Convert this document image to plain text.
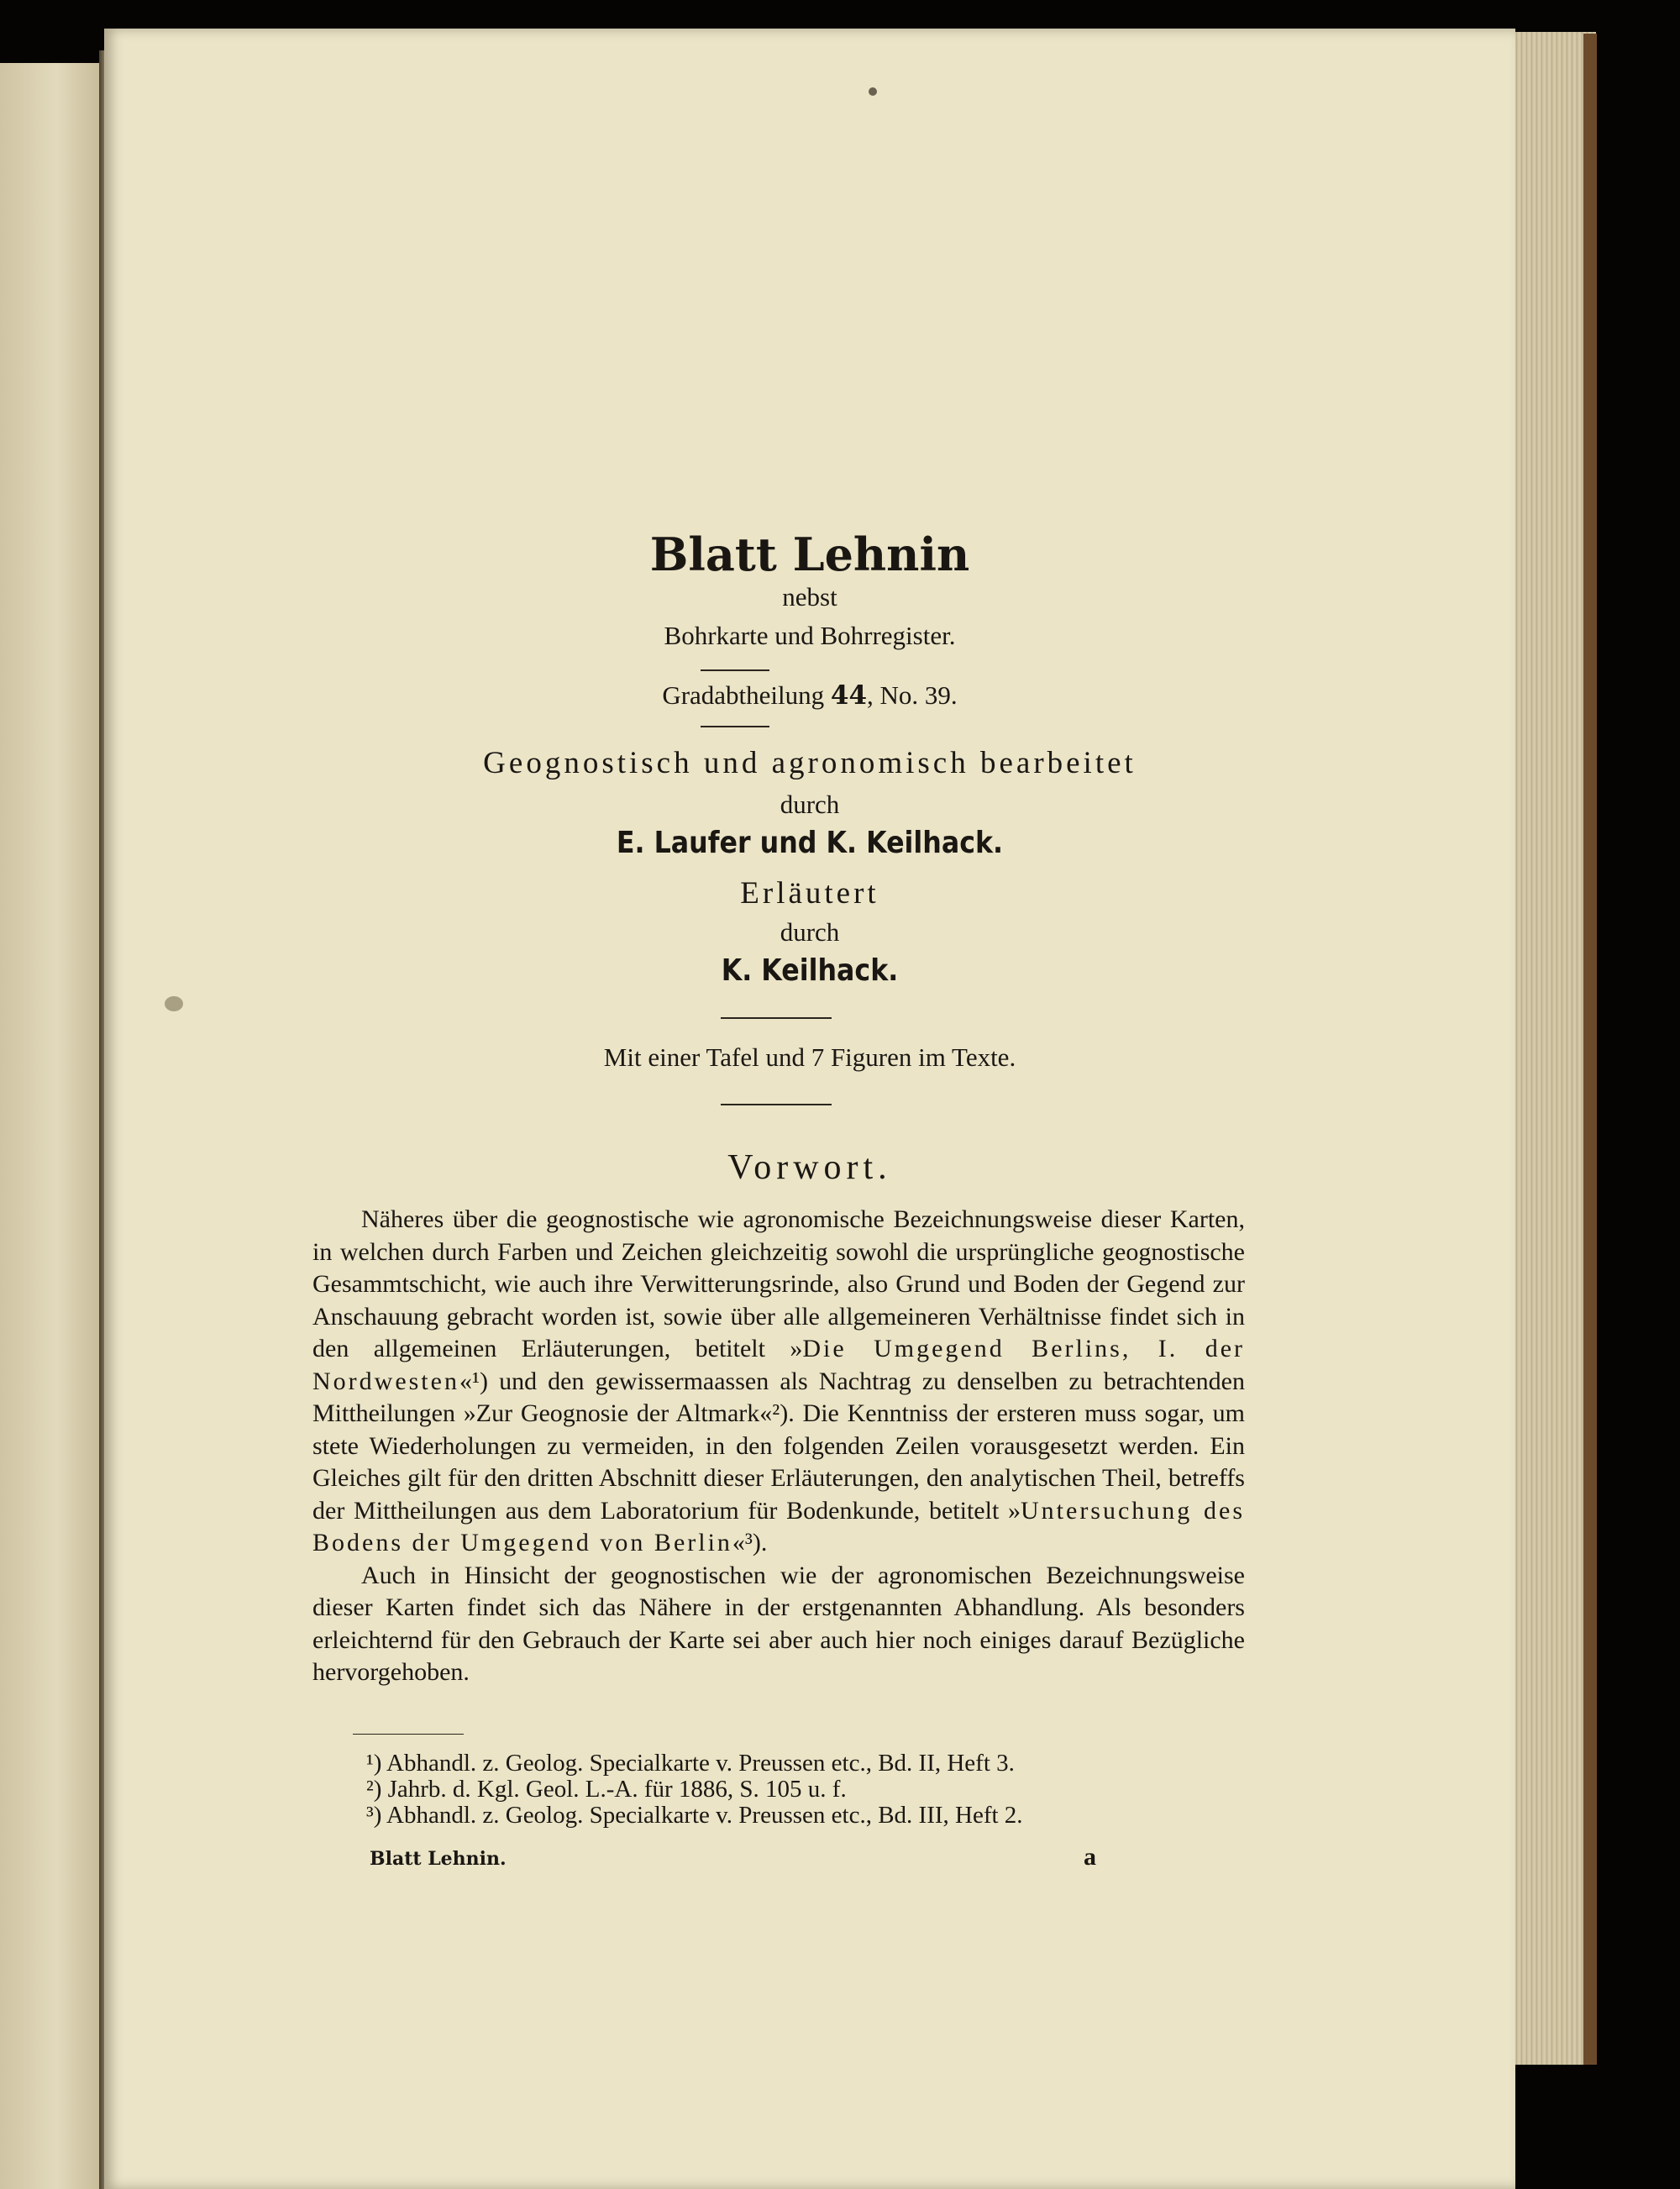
Blatt Lehnin
nebst
Bohrkarte und Bohrregister.
Gradabtheilung 44, No. 39.
Geognostisch und agronomisch bearbeitet
durch
E. Laufer und K. Keilhack.
Erläutert
durch
K. Keilhack.
Mit einer Tafel und 7 Figuren im Texte.
Vorwort.

Näheres über die geognostische wie agronomische Bezeichnungsweise dieser Karten, in welchen durch Farben und Zeichen gleichzeitig sowohl die ursprüngliche geognostische Gesammtschicht, wie auch ihre Verwitterungsrinde, also Grund und Boden der Gegend zur Anschauung gebracht worden ist, sowie über alle allgemeineren Verhältnisse findet sich in den allgemeinen Erläuterungen, betitelt »Die Umgegend Berlins, I. der Nordwesten«¹) und den gewissermaassen als Nachtrag zu denselben zu betrachtenden Mittheilungen »Zur Geognosie der Altmark«²). Die Kenntniss der ersteren muss sogar, um stete Wiederholungen zu vermeiden, in den folgenden Zeilen vorausgesetzt werden. Ein Gleiches gilt für den dritten Abschnitt dieser Erläuterungen, den analytischen Theil, betreffs der Mittheilungen aus dem Laboratorium für Bodenkunde, betitelt »Untersuchung des Bodens der Umgegend von Berlin«³).

Auch in Hinsicht der geognostischen wie der agronomischen Bezeichnungsweise dieser Karten findet sich das Nähere in der erstgenannten Abhandlung. Als besonders erleichternd für den Gebrauch der Karte sei aber auch hier noch einiges darauf Bezügliche hervorgehoben.

¹) Abhandl. z. Geolog. Specialkarte v. Preussen etc., Bd. II, Heft 3.
²) Jahrb. d. Kgl. Geol. L.-A. für 1886, S. 105 u. f.
³) Abhandl. z. Geolog. Specialkarte v. Preussen etc., Bd. III, Heft 2.
Blatt Lehnin.	a
